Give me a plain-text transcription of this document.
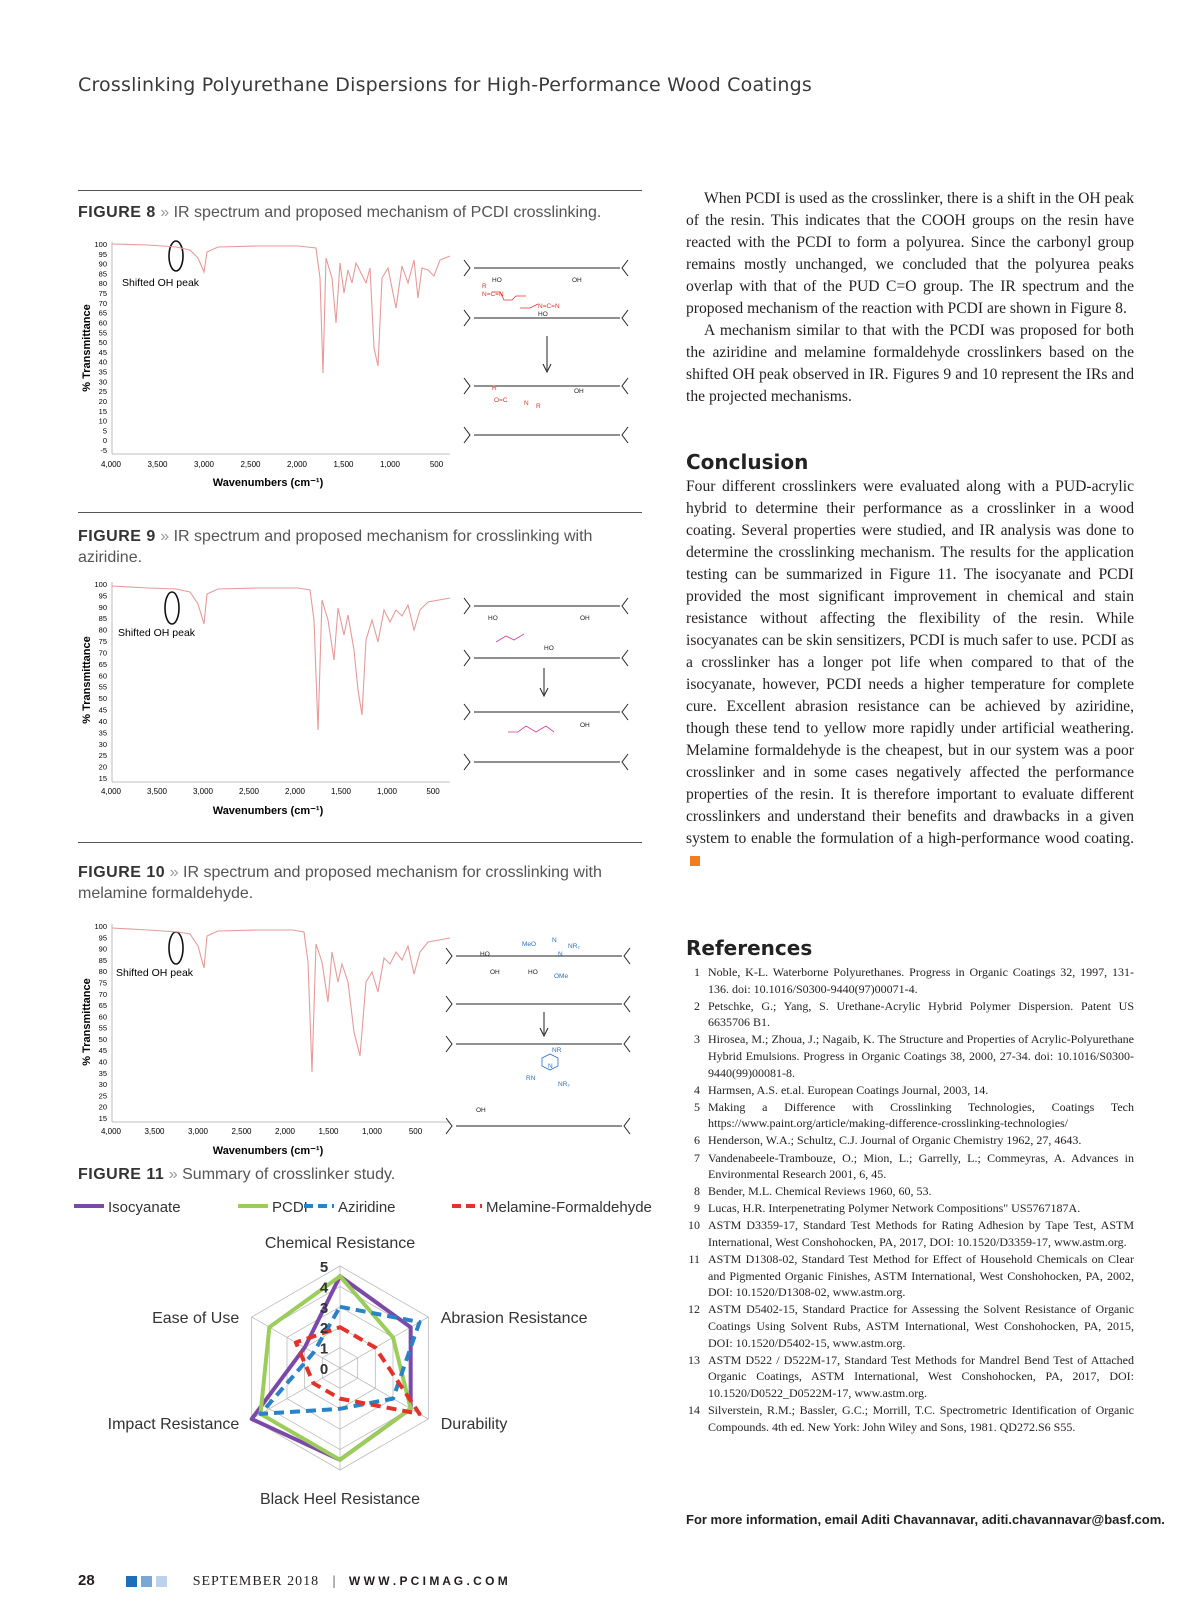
Crosslinking Polyurethane Dispersions for High-Performance Wood Coatings
FIGURE 8 » IR spectrum and proposed mechanism of PCDI crosslinking.
% Transmittance
100
95
90
85
80
75
70
65
60
55
50
45
40
35
30
25
20
15
10
5
0
-5
4,000	3,500	3,000	2,500	2,000	1,500	1,000	500
Wavenumbers (cm⁻¹)
Shifted OH peak	R
N=C=N
N=C=N
R
O=C	N R
HO	OH
HO
OH
FIGURE 9 » IR spectrum and proposed mechanism for crosslinking with aziridine.
% Transmittance
100
95
90
85
80
75
70
65
60
55
50
45
40
35
30
25
20
15
4,000	3,500	3,000	2,500	2,000	1,500	1,000	500
Wavenumbers (cm⁻¹)
Shifted OH peak
HO	OH
HO
OH
FIGURE 10 » IR spectrum and proposed mechanism for crosslinking with melamine formaldehyde.
% Transmittance
100
95
90
85
80
75
70
65
60
55
50
45
40
35
30
25
20
15
4,000	3,500	3,000	2,500	2,000	1,500	1,000	500
Wavenumbers (cm⁻¹)
Shifted OH peak
MeO
N
NR₂
N
OMe
NR
RN
NR₂
N
HO
OH	HO
OH
FIGURE 11 » Summary of crosslinker study.
Isocyanate	PCDI Aziridine	Melamine-Formaldehyde
0
1
2
3
4
5
Chemical Resistance
Abrasion Resistance
Durability
Black Heel Resistance
Impact Resistance
Ease of Use

When PCDI is used as the crosslinker, there is a shift in the OH peak of the resin. This indicates that the COOH groups on the resin have reacted with the PCDI to form a polyurea. Since the carbonyl group remains mostly unchanged, we concluded that the polyurea peaks overlap with that of the PUD C=O group. The IR spectrum and the proposed mechanism of the reaction with PCDI are shown in Figure 8.

A mechanism similar to that with the PCDI was proposed for both the aziridine and melamine formaldehyde crosslinkers based on the shifted OH peak observed in IR. Figures 9 and 10 represent the IRs and the projected mechanisms.

Conclusion

Four different crosslinkers were evaluated along with a PUD-acrylic hybrid to determine their performance as a crosslinker in a wood coating. Several properties were studied, and IR analysis was done to determine the crosslinking mechanism. The results for the application testing can be summarized in Figure 11. The isocyanate and PCDI provided the most significant improvement in chemical and stain resistance without affecting the flexibility of the resin. While isocyanates can be skin sensitizers, PCDI is much safer to use. PCDI as a crosslinker has a longer pot life when compared to that of the isocyanate, however, PCDI needs a higher temperature for complete cure. Excellent abrasion resistance can be achieved by aziridine, though these tend to yellow more rapidly under artificial weathering. Melamine formaldehyde is the cheapest, but in our system was a poor crosslinker and in some cases negatively affected the performance properties of the resin. It is therefore important to evaluate different crosslinkers and understand their benefits and drawbacks in a given system to enable the formulation of a high-performance wood coating.

References
1 Noble, K-L. Waterborne Polyurethanes. Progress in Organic Coatings 32, 1997, 131-136. doi: 10.1016/S0300-9440(97)00071-4.
2 Petschke, G.; Yang, S. Urethane-Acrylic Hybrid Polymer Dispersion. Patent US 6635706 B1.
3 Hirosea, M.; Zhoua, J.; Nagaib, K. The Structure and Properties of Acrylic-Polyurethane Hybrid Emulsions. Progress in Organic Coatings 38, 2000, 27-34. doi: 10.1016/S0300-9440(99)00081-8.
4 Harmsen, A.S. et.al. European Coatings Journal, 2003, 14.
5 Making a Difference with Crosslinking Technologies, Coatings Tech https://www.paint.org/article/making-difference-crosslinking-technologies/
6 Henderson, W.A.; Schultz, C.J. Journal of Organic Chemistry 1962, 27, 4643.
7 Vandenabeele-Trambouze, O.; Mion, L.; Garrelly, L.; Commeyras, A. Advances in Environmental Research 2001, 6, 45.
8 Bender, M.L. Chemical Reviews 1960, 60, 53.
9 Lucas, H.R. Interpenetrating Polymer Network Compositions" US5767187A.
10 ASTM D3359-17, Standard Test Methods for Rating Adhesion by Tape Test, ASTM International, West Conshohocken, PA, 2017, DOI: 10.1520/D3359-17, www.astm.org.
11 ASTM D1308-02, Standard Test Method for Effect of Household Chemicals on Clear and Pigmented Organic Finishes, ASTM International, West Conshohocken, PA, 2002, DOI: 10.1520/D1308-02, www.astm.org.
12 ASTM D5402-15, Standard Practice for Assessing the Solvent Resistance of Organic Coatings Using Solvent Rubs, ASTM International, West Conshohocken, PA, 2015, DOI: 10.1520/D5402-15, www.astm.org.
13 ASTM D522 / D522M-17, Standard Test Methods for Mandrel Bend Test of Attached Organic Coatings, ASTM International, West Conshohocken, PA, 2017, DOI: 10.1520/D0522_D0522M-17, www.astm.org.
14 Silverstein, R.M.; Bassler, G.C.; Morrill, T.C. Spectrometric Identification of Organic Compounds. 4th ed. New York: John Wiley and Sons, 1981. QD272.S6 S55.
For more information, email Aditi Chavannavar, aditi.chavannavar@basf.com.
28	SEPTEMBER 2018 | W W W . P C I M A G . C O M
